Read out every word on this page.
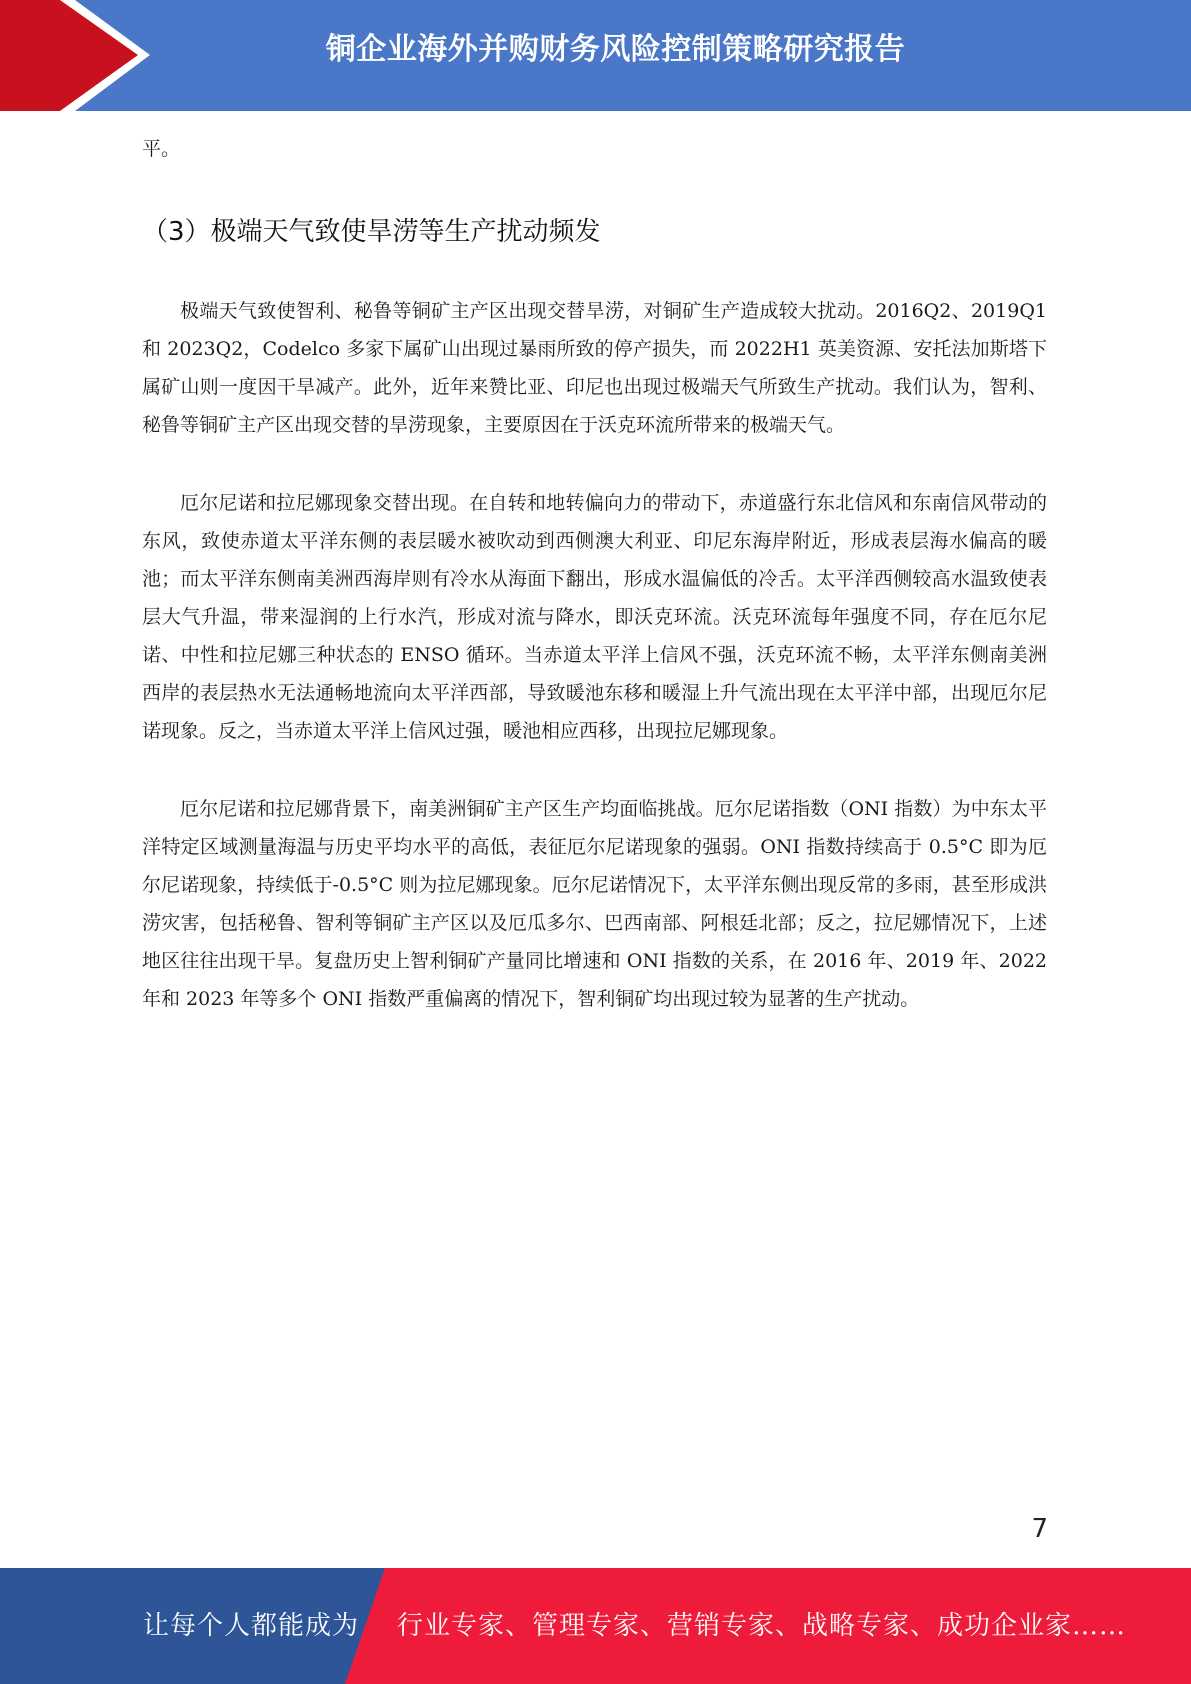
铜企业海外并购财务风险控制策略研究报告

平。

（3）极端天气致使旱涝等生产扰动频发

极端天气致使智利、秘鲁等铜矿主产区出现交替旱涝，对铜矿生产造成较大扰动。2016Q2、2019Q1 和 2023Q2，Codelco 多家下属矿山出现过暴雨所致的停产损失，而 2022H1 英美资源、安托法加斯塔下属矿山则一度因干旱减产。此外，近年来赞比亚、印尼也出现过极端天气所致生产扰动。我们认为，智利、秘鲁等铜矿主产区出现交替的旱涝现象，主要原因在于沃克环流所带来的极端天气。

厄尔尼诺和拉尼娜现象交替出现。在自转和地转偏向力的带动下，赤道盛行东北信风和东南信风带动的东风，致使赤道太平洋东侧的表层暖水被吹动到西侧澳大利亚、印尼东海岸附近，形成表层海水偏高的暖池；而太平洋东侧南美洲西海岸则有冷水从海面下翻出，形成水温偏低的冷舌。太平洋西侧较高水温致使表层大气升温，带来湿润的上行水汽，形成对流与降水，即沃克环流。沃克环流每年强度不同，存在厄尔尼诺、中性和拉尼娜三种状态的 ENSO 循环。当赤道太平洋上信风不强，沃克环流不畅，太平洋东侧南美洲西岸的表层热水无法通畅地流向太平洋西部，导致暖池东移和暖湿上升气流出现在太平洋中部，出现厄尔尼诺现象。反之，当赤道太平洋上信风过强，暖池相应西移，出现拉尼娜现象。

厄尔尼诺和拉尼娜背景下，南美洲铜矿主产区生产均面临挑战。厄尔尼诺指数（ONI 指数）为中东太平洋特定区域测量海温与历史平均水平的高低，表征厄尔尼诺现象的强弱。ONI 指数持续高于 0.5°C 即为厄尔尼诺现象，持续低于-0.5°C 则为拉尼娜现象。厄尔尼诺情况下，太平洋东侧出现反常的多雨，甚至形成洪涝灾害，包括秘鲁、智利等铜矿主产区以及厄瓜多尔、巴西南部、阿根廷北部；反之，拉尼娜情况下，上述地区往往出现干旱。复盘历史上智利铜矿产量同比增速和 ONI 指数的关系，在 2016 年、2019 年、2022 年和 2023 年等多个 ONI 指数严重偏离的情况下，智利铜矿均出现过较为显著的生产扰动。

7
让每个人都能成为 行业专家、管理专家、营销专家、战略专家、成功企业家……
